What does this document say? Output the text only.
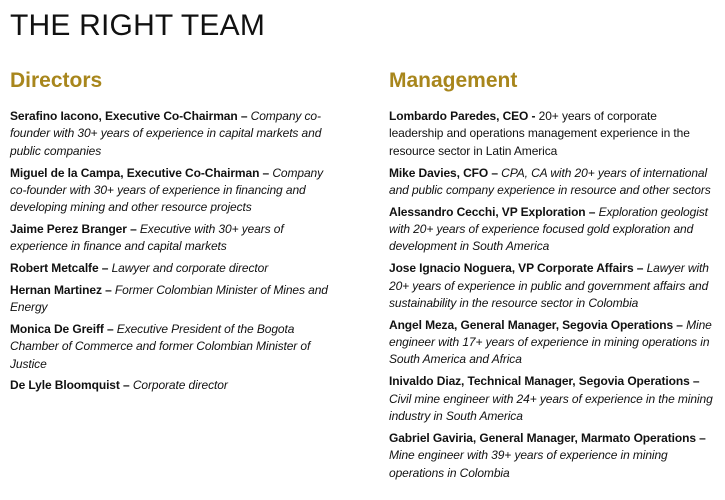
THE RIGHT TEAM
Directors

Serafino Iacono, Executive Co-Chairman – Company co-founder with 30+ years of experience in capital markets and public companies

Miguel de la Campa, Executive Co-Chairman – Company co-founder with 30+ years of experience in financing and developing mining and other resource projects

Jaime Perez Branger – Executive with 30+ years of experience in finance and capital markets

Robert Metcalfe – Lawyer and corporate director

Hernan Martinez – Former Colombian Minister of Mines and Energy

Monica De Greiff – Executive President of the Bogota Chamber of Commerce and former Colombian Minister of Justice

De Lyle Bloomquist – Corporate director

Management

Lombardo Paredes, CEO - 20+ years of corporate leadership and operations management experience in the resource sector in Latin America

Mike Davies, CFO – CPA, CA with 20+ years of international and public company experience in resource and other sectors

Alessandro Cecchi, VP Exploration – Exploration geologist with 20+ years of experience focused gold exploration and development in South America

Jose Ignacio Noguera, VP Corporate Affairs – Lawyer with 20+ years of experience in public and government affairs and sustainability in the resource sector in Colombia

Angel Meza, General Manager, Segovia Operations – Mine engineer with 17+ years of experience in mining operations in South America and Africa

Inivaldo Diaz, Technical Manager, Segovia Operations – Civil mine engineer with 24+ years of experience in the mining industry in South America

Gabriel Gaviria, General Manager, Marmato Operations – Mine engineer with 39+ years of experience in mining operations in Colombia
